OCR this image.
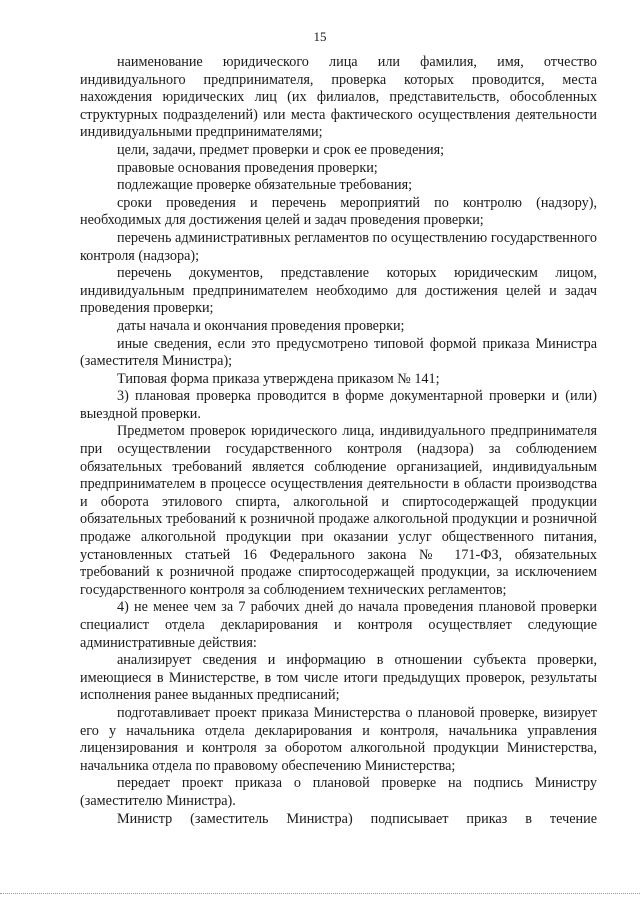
15

наименование юридического лица или фамилия, имя, отчество индивидуального предпринимателя, проверка которых проводится, места нахождения юридических лиц (их филиалов, представительств, обособленных структурных подразделений) или места фактического осуществления деятельности индивидуальными предпринимателями;

цели, задачи, предмет проверки и срок ее проведения;

правовые основания проведения проверки;

подлежащие проверке обязательные требования;

сроки проведения и перечень мероприятий по контролю (надзору), необходимых для достижения целей и задач проведения проверки;

перечень административных регламентов по осуществлению государственного контроля (надзора);

перечень документов, представление которых юридическим лицом, индивидуальным предпринимателем необходимо для достижения целей и задач проведения проверки;

даты начала и окончания проведения проверки;

иные сведения, если это предусмотрено типовой формой приказа Министра (заместителя Министра);

Типовая форма приказа утверждена приказом № 141;

3) плановая проверка проводится в форме документарной проверки и (или) выездной проверки.

Предметом проверок юридического лица, индивидуального предпринимателя при осуществлении государственного контроля (надзора) за соблюдением обязательных требований является соблюдение организацией, индивидуальным предпринимателем в процессе осуществления деятельности в области производства и оборота этилового спирта, алкогольной и спиртосодержащей продукции обязательных требований к розничной продаже алкогольной продукции и розничной продаже алкогольной продукции при оказании услуг общественного питания, установленных статьей 16 Федерального закона № 171-ФЗ, обязательных требований к розничной продаже спиртосодержащей продукции, за исключением государственного контроля за соблюдением технических регламентов;

4) не менее чем за 7 рабочих дней до начала проведения плановой проверки специалист отдела декларирования и контроля осуществляет следующие административные действия:

анализирует сведения и информацию в отношении субъекта проверки, имеющиеся в Министерстве, в том числе итоги предыдущих проверок, результаты исполнения ранее выданных предписаний;

подготавливает проект приказа Министерства о плановой проверке, визирует его у начальника отдела декларирования и контроля, начальника управления лицензирования и контроля за оборотом алкогольной продукции Министерства, начальника отдела по правовому обеспечению Министерства;

передает проект приказа о плановой проверке на подпись Министру (заместителю Министра).

Министр (заместитель Министра) подписывает приказ в течение
